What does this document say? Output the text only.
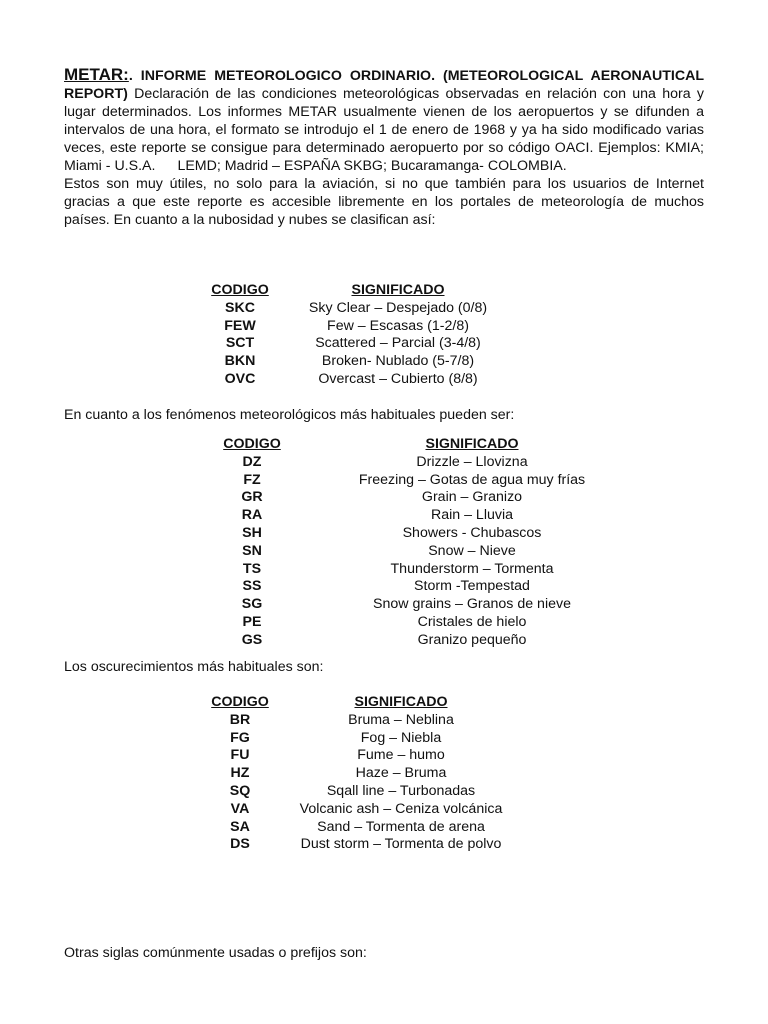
METAR:. INFORME METEOROLOGICO ORDINARIO. (METEOROLOGICAL AERONAUTICAL REPORT) Declaración de las condiciones meteorológicas observadas en relación con una hora y lugar determinados. Los informes METAR usualmente vienen de los aeropuertos y se difunden a intervalos de una hora, el formato se introdujo el 1 de enero de 1968 y ya ha sido modificado varias veces, este reporte se consigue para determinado aeropuerto por so código OACI. Ejemplos: KMIA; Miami - U.S.A. LEMD; Madrid – ESPAÑA SKBG; Bucaramanga- COLOMBIA.

Estos son muy útiles, no solo para la aviación, si no que también para los usuarios de Internet gracias a que este reporte es accesible libremente en los portales de meteorología de muchos países. En cuanto a la nubosidad y nubes se clasifican así:

CODIGO	SIGNIFICADO
SKC	Sky Clear – Despejado (0/8)
FEW	Few – Escasas (1-2/8)
SCT	Scattered – Parcial (3-4/8)
BKN	Broken- Nublado (5-7/8)
OVC	Overcast – Cubierto (8/8)

En cuanto a los fenómenos meteorológicos más habituales pueden ser:

CODIGO	SIGNIFICADO
DZ	Drizzle – Llovizna
FZ	Freezing – Gotas de agua muy frías
GR	Grain – Granizo
RA	Rain – Lluvia
SH	Showers - Chubascos
SN	Snow – Nieve
TS	Thunderstorm – Tormenta
SS	Storm -Tempestad
SG	Snow grains – Granos de nieve
PE	Cristales de hielo
GS	Granizo pequeño

Los oscurecimientos más habituales son:

CODIGO	SIGNIFICADO
BR	Bruma – Neblina
FG	Fog – Niebla
FU	Fume – humo
HZ	Haze – Bruma
SQ	Sqall line – Turbonadas
VA	Volcanic ash – Ceniza volcánica
SA	Sand – Tormenta de arena
DS	Dust storm – Tormenta de polvo

Otras siglas comúnmente usadas o prefijos son:
